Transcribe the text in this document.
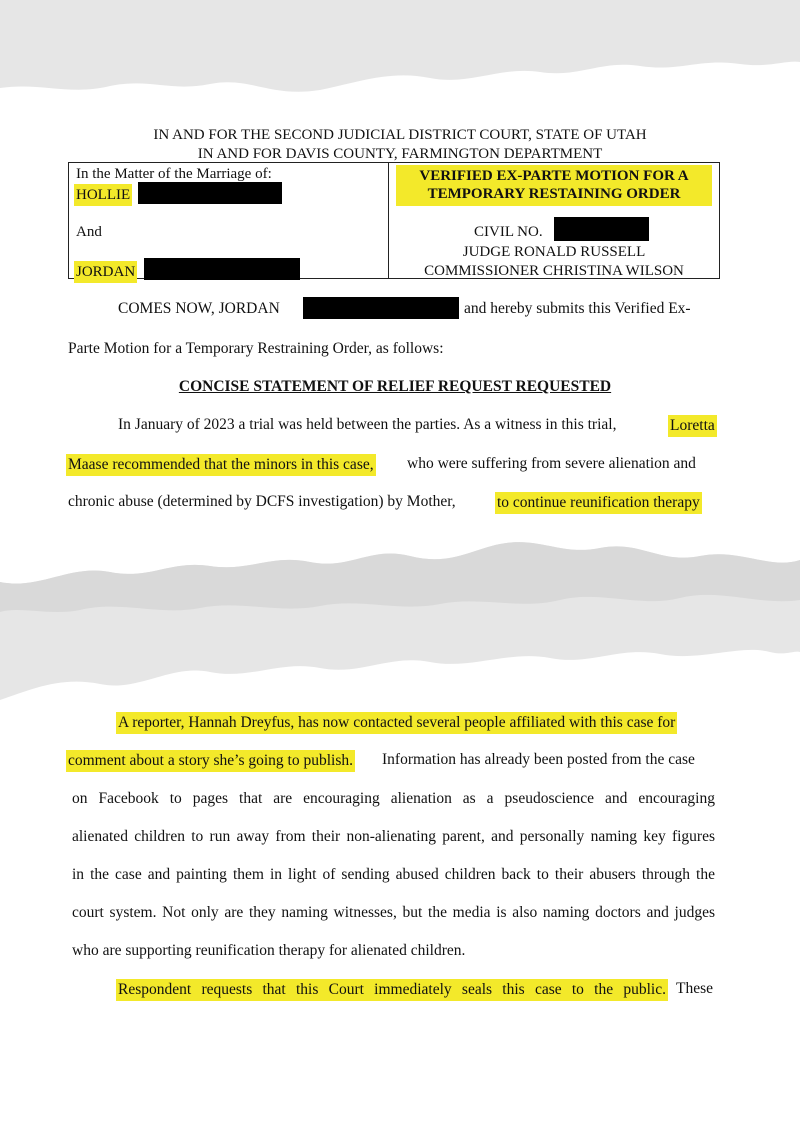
IN AND FOR THE SECOND JUDICIAL DISTRICT COURT, STATE OF UTAH
IN AND FOR DAVIS COUNTY, FARMINGTON DEPARTMENT
In the Matter of the Marriage of:
HOLLIE
And
JORDAN
VERIFIED EX-PARTE MOTION FOR A
TEMPORARY RESTAINING ORDER
CIVIL NO.
JUDGE RONALD RUSSELL
COMMISSIONER CHRISTINA WILSON
COMES NOW, JORDAN	and hereby submits this Verified Ex-
Parte Motion for a Temporary Restraining Order, as follows:
CONCISE STATEMENT OF RELIEF REQUEST REQUESTED
In January of 2023 a trial was held between the parties. As a witness in this trial,	Loretta
Maase recommended that the minors in this case, who were suffering from severe alienation and
chronic abuse (determined by DCFS investigation) by Mother,	to continue reunification therapy
A reporter, Hannah Dreyfus, has now contacted several people affiliated with this case for
comment about a story she’s going to publish. Information has already been posted from the case
on Facebook to pages that are encouraging alienation as a pseudoscience and encouraging
alienated children to run away from their non-alienating parent, and personally naming key figures
in the case and painting them in light of sending abused children back to their abusers through the
court system. Not only are they naming witnesses, but the media is also naming doctors and judges
who are supporting reunification therapy for alienated children.
Respondent requests that this Court immediately seals this case to the public. These
